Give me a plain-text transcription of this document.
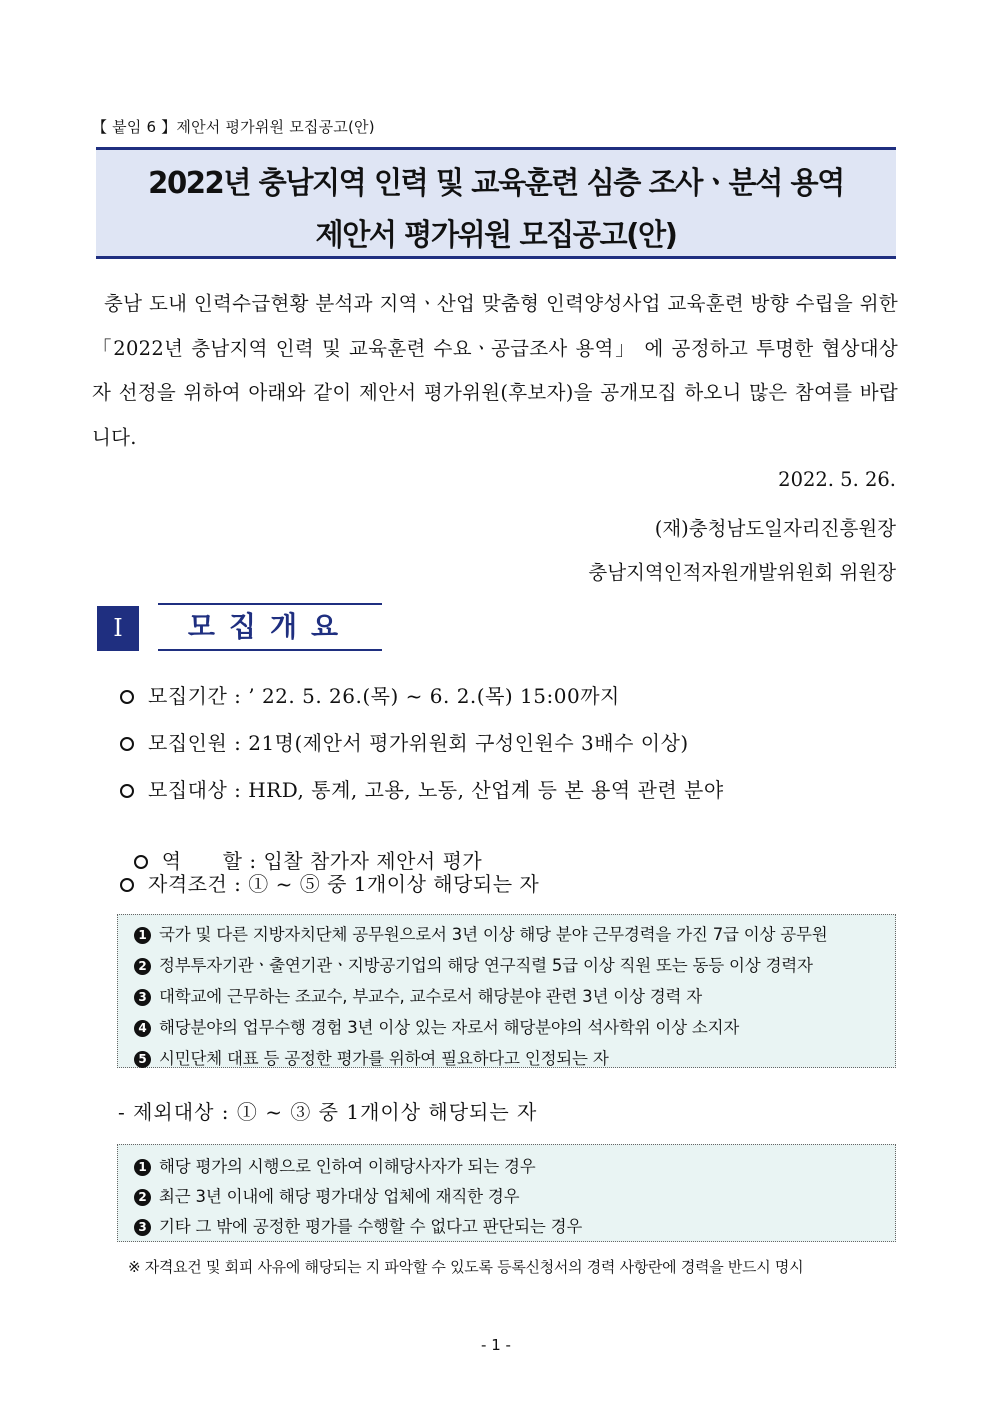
【 붙임 6 】제안서 평가위원 모집공고(안)
2022년 충남지역 인력 및 교육훈련 심층 조사ㆍ분석 용역
제안서 평가위원 모집공고(안)
충남 도내 인력수급현황 분석과 지역ㆍ산업 맞춤형 인력양성사업 교육훈련 방향 수립을 위한「2022년 충남지역 인력 및 교육훈련 수요ㆍ공급조사 용역」 에 공정하고 투명한 협상대상자 선정을 위하여 아래와 같이 제안서 평가위원(후보자)을 공개모집 하오니 많은 참여를 바랍니다.
2022. 5. 26.
(재)충청남도일자리진흥원장
충남지역인적자원개발위원회 위원장
Ⅰ	모집개요
모집기간 : ’ 22. 5. 26.(목) ~ 6. 2.(목) 15:00까지
모집인원 : 21명(제안서 평가위원회 구성인원수 3배수 이상)
모집대상 : HRD, 통계, 고용, 노동, 산업계 등 본 용역 관련 분야

역      할 : 입찰 참가자 제안서 평가

자격조건 : ① ~ ⑤ 중 1개이상 해당되는 자
1 국가 및 다른 지방자치단체 공무원으로서 3년 이상 해당 분야 근무경력을 가진 7급 이상 공무원
2 정부투자기관ㆍ출연기관ㆍ지방공기업의 해당 연구직렬 5급 이상 직원 또는 동등 이상 경력자
3 대학교에 근무하는 조교수, 부교수, 교수로서 해당분야 관련 3년 이상 경력 자
4 해당분야의 업무수행 경험 3년 이상 있는 자로서 해당분야의 석사학위 이상 소지자
5 시민단체 대표 등 공정한 평가를 위하여 필요하다고 인정되는 자
- 제외대상 : ① ~ ③ 중 1개이상 해당되는 자
1 해당 평가의 시행으로 인하여 이해당사자가 되는 경우
2 최근 3년 이내에 해당 평가대상 업체에 재직한 경우
3 기타 그 밖에 공정한 평가를 수행할 수 없다고 판단되는 경우
※ 자격요건 및 회피 사유에 해당되는 지 파악할 수 있도록 등록신청서의 경력 사항란에 경력을 반드시 명시
- 1 -
